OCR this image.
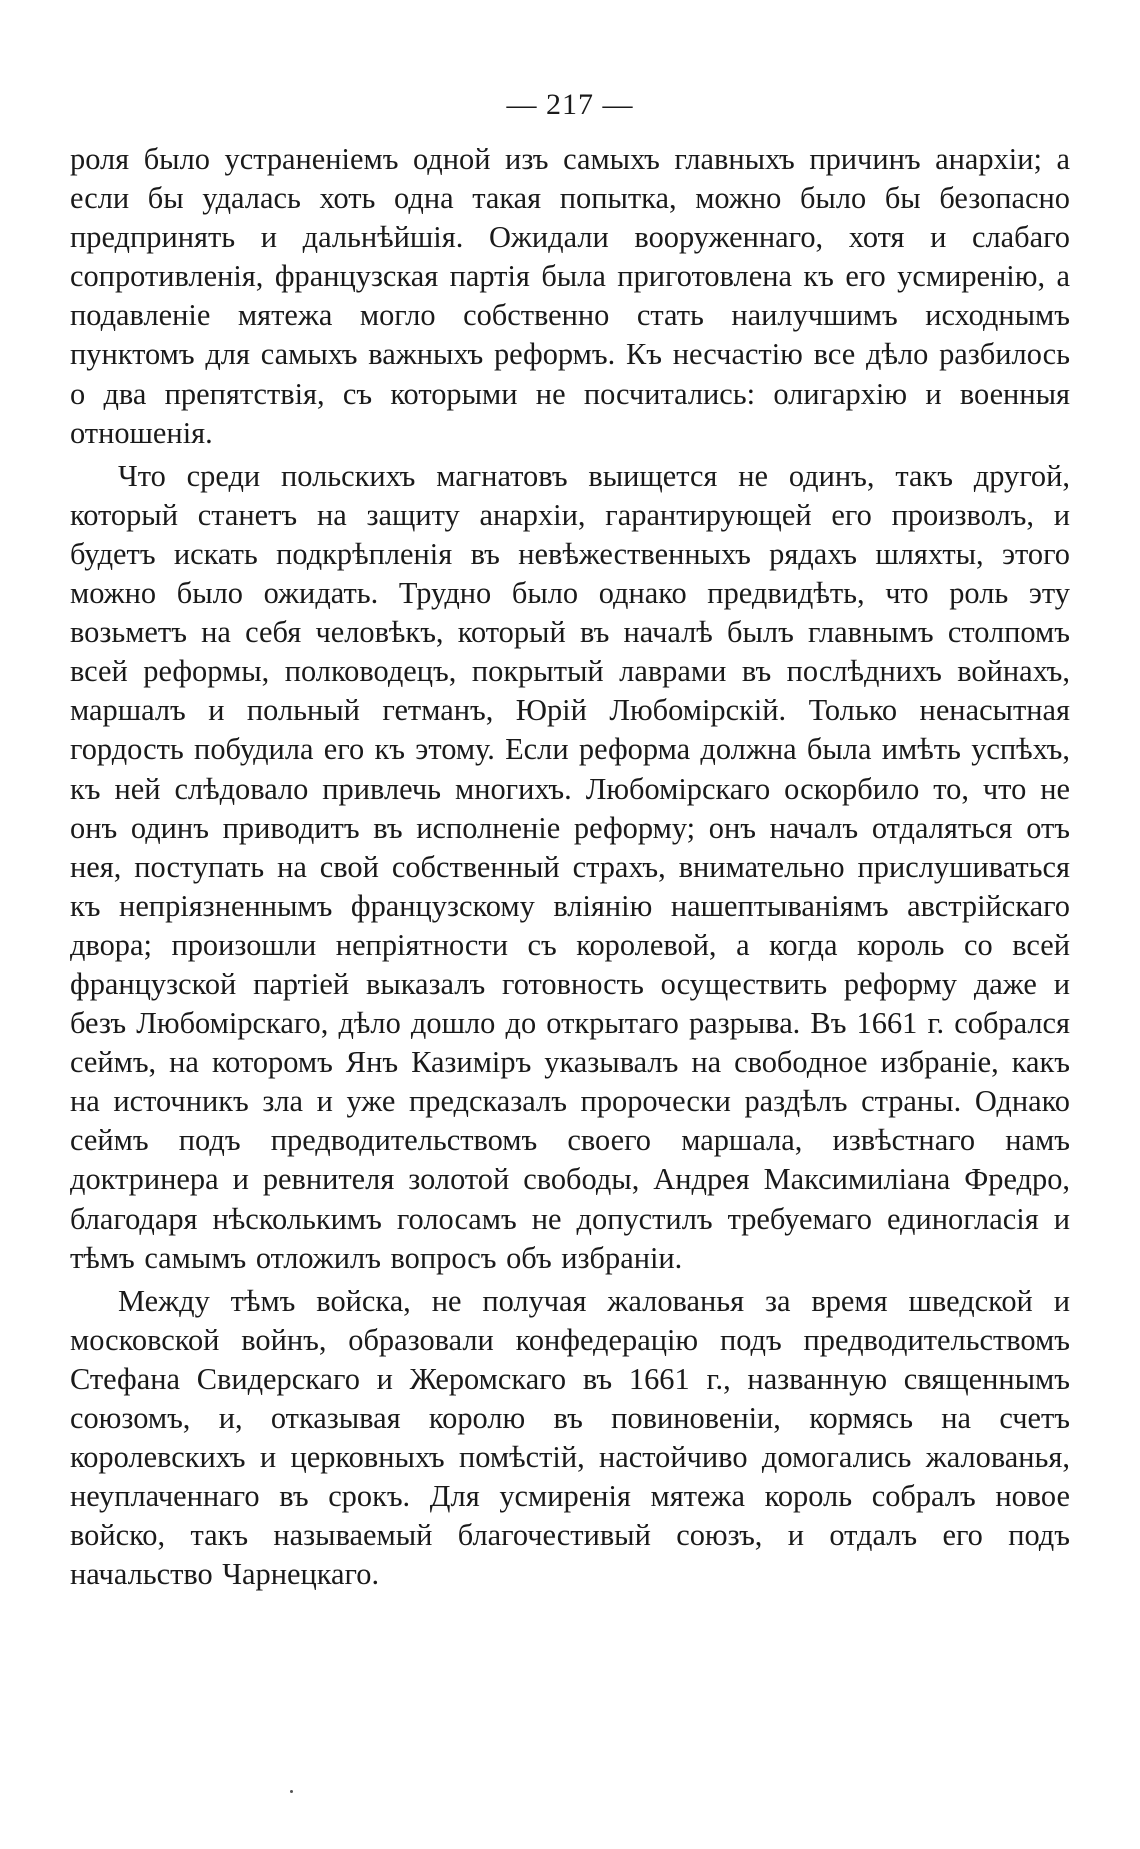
— 217 —

роля было устраненіемъ одной изъ самыхъ главныхъ причинъ анархіи; а если бы удалась хоть одна такая попытка, можно было бы безопасно предпринять и дальнѣйшія. Ожидали вооруженнаго, хотя и слабаго сопротивленія, французская партія была приготовлена къ его усмиренію, а подавленіе мятежа могло собственно стать наилучшимъ исходнымъ пунктомъ для самыхъ важныхъ реформъ. Къ несчастію все дѣло разбилось о два препятствія, съ которыми не посчитались: олигархію и военныя отношенія.

Что среди польскихъ магнатовъ выищется не одинъ, такъ другой, который станетъ на защиту анархіи, гарантирующей его произволъ, и будетъ искать подкрѣпленія въ невѣжественныхъ рядахъ шляхты, этого можно было ожидать. Трудно было однако предвидѣть, что роль эту возьметъ на себя человѣкъ, который въ началѣ былъ главнымъ столпомъ всей реформы, полководецъ, покрытый лаврами въ послѣднихъ войнахъ, маршалъ и польный гетманъ, Юрій Любомірскій. Только ненасытная гордость побудила его къ этому. Если реформа должна была имѣть успѣхъ, къ ней слѣдовало привлечь многихъ. Любомірскаго оскорбило то, что не онъ одинъ приводитъ въ исполненіе реформу; онъ началъ отдаляться отъ нея, поступать на свой собственный страхъ, внимательно прислушиваться къ непріязненнымъ французскому вліянію нашептываніямъ австрійскаго двора; произошли непріятности съ королевой, а когда король со всей французской партіей выказалъ готовность осуществить реформу даже и безъ Любомірскаго, дѣло дошло до открытаго разрыва. Въ 1661 г. собрался сеймъ, на которомъ Янъ Казиміръ указывалъ на свободное избраніе, какъ на источникъ зла и уже предсказалъ пророчески раздѣлъ страны. Однако сеймъ подъ предводительствомъ своего маршала, извѣстнаго намъ доктринера и ревнителя золотой свободы, Андрея Максимиліана Фредро, благодаря нѣсколькимъ голосамъ не допустилъ требуемаго единогласія и тѣмъ самымъ отложилъ вопросъ объ избраніи.

Между тѣмъ войска, не получая жалованья за время шведской и московской войнъ, образовали конфедерацію подъ предводительствомъ Стефана Свидерскаго и Жеромскаго въ 1661 г., названную священнымъ союзомъ, и, отказывая королю въ повиновеніи, кормясь на счетъ королевскихъ и церковныхъ помѣстій, настойчиво домогались жалованья, неуплаченнаго въ срокъ. Для усмиренія мятежа король собралъ новое войско, такъ называемый благочестивый союзъ, и отдалъ его подъ начальство Чарнецкаго.
